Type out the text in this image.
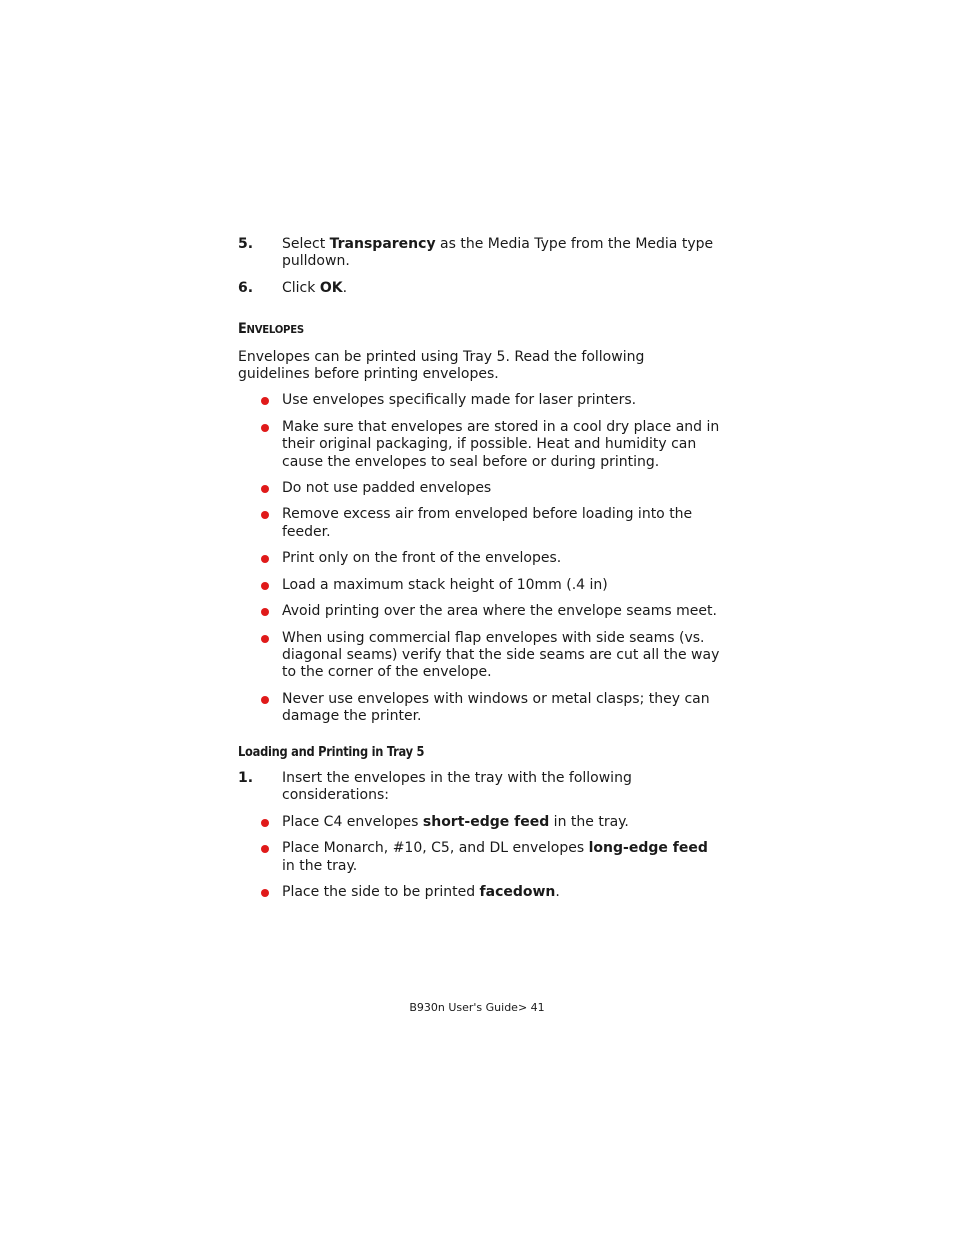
5. Select Transparency as the Media Type from the Media type pulldown.
6. Click OK.
ENVELOPES

Envelopes can be printed using Tray 5. Read the following guidelines before printing envelopes.

Use envelopes specifically made for laser printers.
Make sure that envelopes are stored in a cool dry place and in their original packaging, if possible. Heat and humidity can cause the envelopes to seal before or during printing.
Do not use padded envelopes
Remove excess air from enveloped before loading into the feeder.
Print only on the front of the envelopes.
Load a maximum stack height of 10mm (.4 in)
Avoid printing over the area where the envelope seams meet.
When using commercial flap envelopes with side seams (vs. diagonal seams) verify that the side seams are cut all the way to the corner of the envelope.
Never use envelopes with windows or metal clasps; they can damage the printer.
Loading and Printing in Tray 5
1. Insert the envelopes in the tray with the following considerations:
Place C4 envelopes short-edge feed in the tray.
Place Monarch, #10, C5, and DL envelopes long-edge feed in the tray.
Place the side to be printed facedown.
B930n User's Guide> 41
